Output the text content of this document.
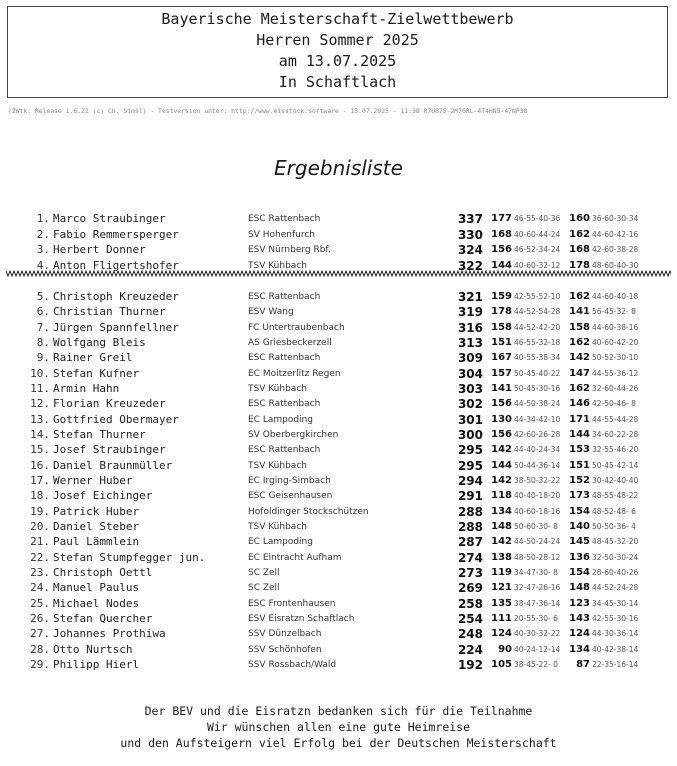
Bayerische Meisterschaft-Zielwettbewerb
Herren Sommer 2025
am 13.07.2025
In Schaftlach
(ZWtk: Release 1.6.22 (c) Ch. Simsl) - Testversion unter: http://www.eisstock.software - 13.07.2025 - 11:38 R7U875-2M76RL-4T4HN5-47NP38
Ergebnisliste
1. Marco Straubinger	ESC Rattenbach	337 177 46-55-40-36 160 36-60-30-34
2. Fabio Remmersperger	SV Hohenfurch	330 168 40-60-44-24 162 44-60-42-16
3. Herbert Donner	ESV Nürnberg Rbf.	324 156 46-52-34-24 168 42-60-38-28
4. Anton Fligertshofer	TSV Kühbach	322 144 40-60-32-12 178 48-60-40-30
5. Christoph Kreuzeder	ESC Rattenbach	321 159 42-55-52-10 162 44-60-40-18
6. Christian Thurner	ESV Wang	319 178 44-52-54-28 141 56-45-32- 8
7. Jürgen Spannfellner	FC Untertraubenbach	316 158 44-52-42-20 158 44-60-38-16
8. Wolfgang Bleis	AS Griesbeckerzell	313 151 46-55-32-18 162 40-60-42-20
9. Rainer Greil	ESC Rattenbach	309 167 40-55-38-34 142 50-52-30-10
10. Stefan Kufner	EC Moitzerlitz Regen	304 157 50-45-40-22 147 44-55-36-12
11. Armin Hahn	TSV Kühbach	303 141 50-45-30-16 162 32-60-44-26
12. Florian Kreuzeder	ESC Rattenbach	302 156 44-50-38-24 146 42-50-46- 8
13. Gottfried Obermayer	EC Lampoding	301 130 44-34-42-10 171 44-55-44-28
14. Stefan Thurner	SV Oberbergkirchen	300 156 42-60-26-28 144 34-60-22-28
15. Josef Straubinger	ESC Rattenbach	295 142 44-40-24-34 153 32-55-46-20
16. Daniel Braunmüller	TSV Kühbach	295 144 50-44-36-14 151 50-45-42-14
17. Werner Huber	EC Irging-Simbach	294 142 38-50-32-22 152 30-42-40-40
18. Josef Eichinger	ESC Geisenhausen	291 118 40-40-18-20 173 48-55-48-22
19. Patrick Huber	Hofoldinger Stockschützen	288 134 40-60-18-16 154 48-52-48- 6
20. Daniel Steber	TSV Kühbach	288 148 50-60-30- 8 140 50-50-36- 4
21. Paul Lämmlein	EC Lampoding	287 142 44-50-24-24 145 48-45-32-20
22. Stefan Stumpfegger jun.	EC Eintracht Aufham	274 138 48-50-28-12 136 32-50-30-24
23. Christoph Oettl	SC Zell	273 119 34-47-30- 8 154 28-60-40-26
24. Manuel Paulus	SC Zell	269 121 32-47-26-16 148 44-52-24-28
25. Michael Nodes	ESC Frontenhausen	258 135 38-47-36-14 123 34-45-30-14
26. Stefan Quercher	ESV Eisratzn Schaftlach	254 111 20-55-30- 6 143 42-55-30-16
27. Johannes Prothiwa	SSV Dünzelbach	248 124 40-30-32-22 124 44-30-36-14
28. Otto Nurtsch	SSV Schönhofen	224	90 40-24-12-14 134 40-42-38-14
29. Philipp Hierl	SSV Rossbach/Wald	192 105 38-45-22- 0	87 22-35-16-14
Der BEV und die Eisratzn bedanken sich für die Teilnahme
Wir wünschen allen eine gute Heimreise
und den Aufsteigern viel Erfolg bei der Deutschen Meisterschaft
